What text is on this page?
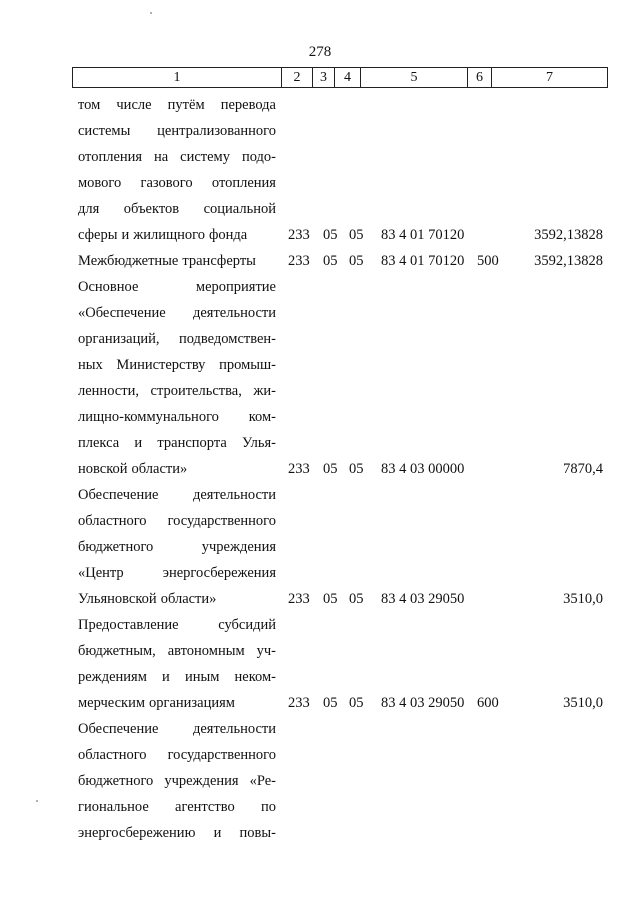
278
1	2	3	4	5	6	7
том числе путём перевода
системы централизованного
отопления на систему подо-
мового газового отопления
для объектов социальной
сферы и жилищного фонда	233 05 05 83 4 01 70120	3592,13828
Межбюджетные трансферты 233 05 05 83 4 01 70120 500 3592,13828
Основное	мероприятие
«Обеспечение деятельности
организаций, подведомствен-
ных Министерству промыш-
ленности, строительства, жи-
лищно-коммунального ком-
плекса и транспорта Улья-
новской области»	233 05 05 83 4 03 00000	7870,4
Обеспечение деятельности
областного государственного
бюджетного	учреждения
«Центр	энергосбережения
Ульяновской области»	233 05 05 83 4 03 29050	3510,0
Предоставление	субсидий
бюджетным, автономным уч-
реждениям и иным неком-
мерческим организациям	233 05 05 83 4 03 29050 600	3510,0
Обеспечение деятельности
областного государственного
бюджетного учреждения «Ре-
гиональное агентство по
энергосбережению и повы-
